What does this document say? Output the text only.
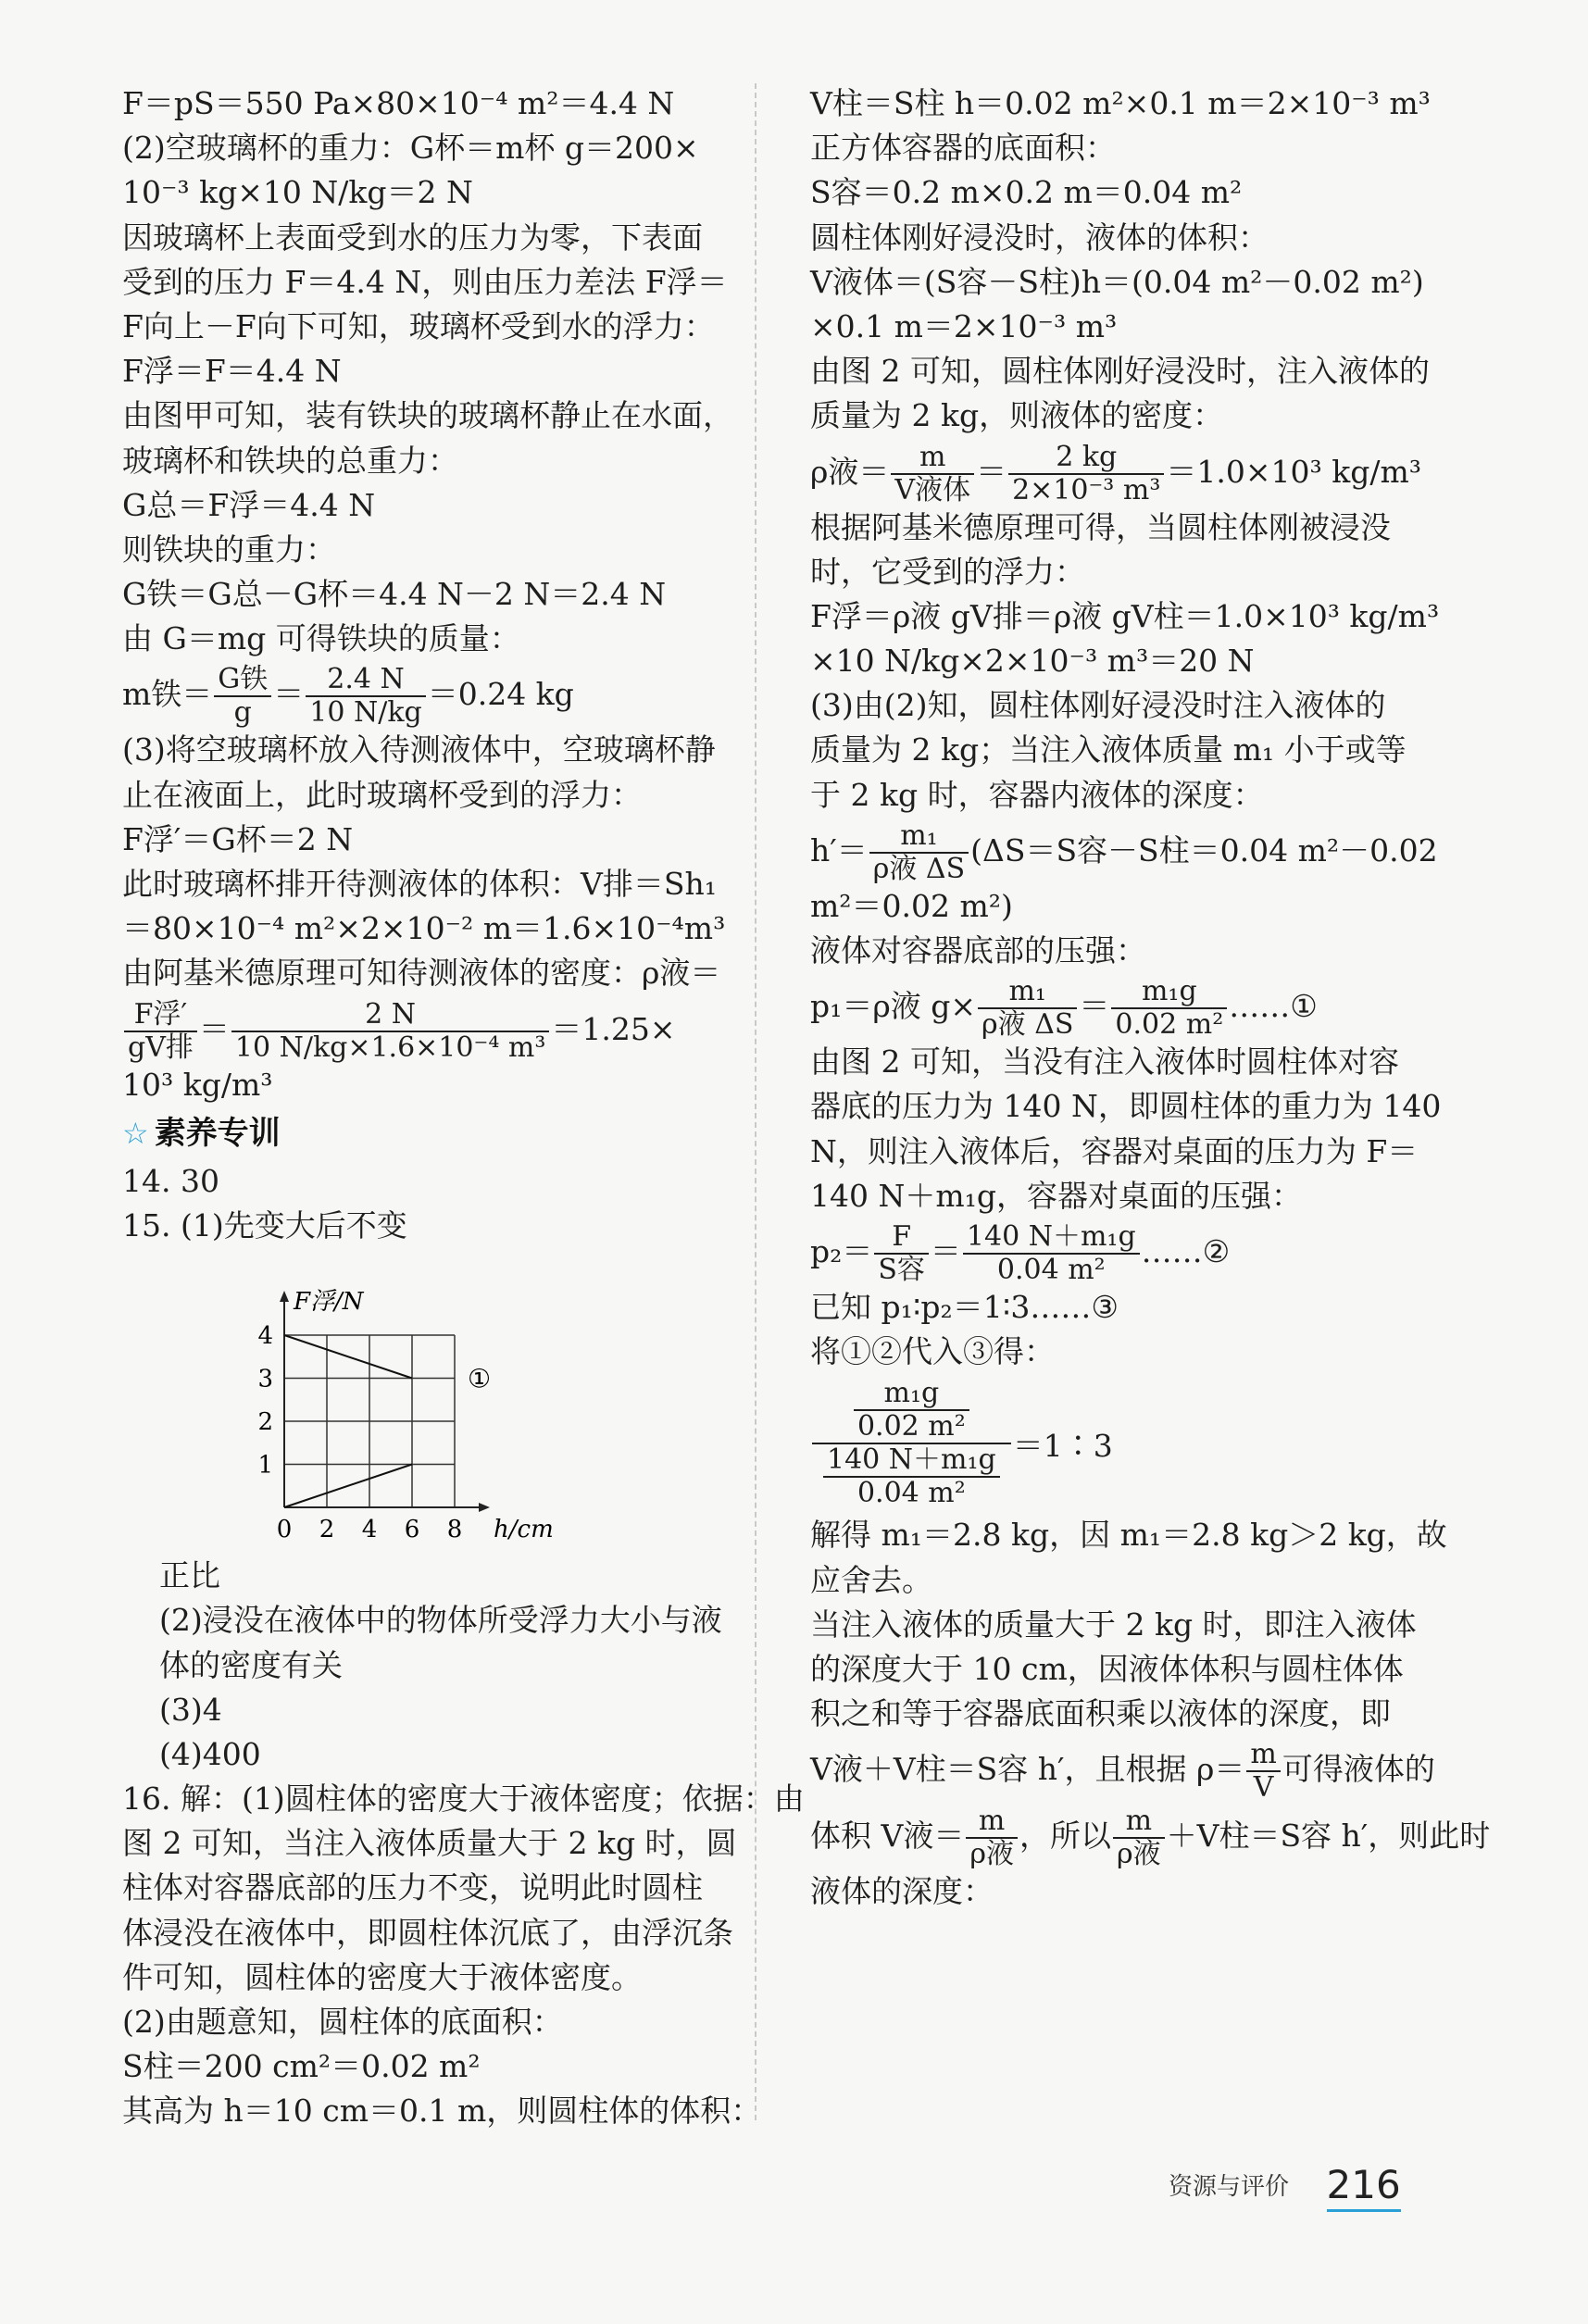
F＝pS＝550 Pa×80×10⁻⁴ m²＝4.4 N
(2)空玻璃杯的重力：G杯＝m杯 g＝200×
10⁻³ kg×10 N/kg＝2 N
因玻璃杯上表面受到水的压力为零，下表面
受到的压力 F＝4.4 N，则由压力差法 F浮＝
F向上－F向下可知，玻璃杯受到水的浮力：
F浮＝F＝4.4 N
由图甲可知，装有铁块的玻璃杯静止在水面，
玻璃杯和铁块的总重力：
G总＝F浮＝4.4 N
则铁块的重力：
G铁＝G总－G杯＝4.4 N－2 N＝2.4 N
由 G＝mg 可得铁块的质量：
m铁＝ $\frac{\text{G铁}}{g} = \frac{2.4 N}{10 N/kg} =0.24$ kg
(3)将空玻璃杯放入待测液体中，空玻璃杯静
止在液面上，此时玻璃杯受到的浮力：
F浮′＝G杯＝2 N
此时玻璃杯排开待测液体的体积：V排＝Sh₁
＝80×10⁻⁴ m²×2×10⁻² m＝1.6×10⁻⁴m³
由阿基米德原理可知待测液体的密度：ρ液＝
$\frac{\text{F浮′}}{\text{gV排}} = \frac{2 N}{\text{10 N/kg×1.6×10⁻⁴ m³}} =1.25\times$
10³ kg/m³
☆ 素养专训
14. 30
15. (1)先变大后不变
0 2 4 6 8
1
2
3
4
F浮/N
h/cm
①
正比
(2)浸没在液体中的物体所受浮力大小与液
体的密度有关
(3)4
(4)400
16. 解：(1)圆柱体的密度大于液体密度；依据：由
图 2 可知，当注入液体质量大于 2 kg 时，圆
柱体对容器底部的压力不变，说明此时圆柱
体浸没在液体中，即圆柱体沉底了，由浮沉条
件可知，圆柱体的密度大于液体密度。
(2)由题意知，圆柱体的底面积：
S柱＝200 cm²＝0.02 m²
其高为 h＝10 cm＝0.1 m，则圆柱体的体积：
V柱＝S柱 h＝0.02 m²×0.1 m＝2×10⁻³ m³
正方体容器的底面积：
S容＝0.2 m×0.2 m＝0.04 m²
圆柱体刚好浸没时，液体的体积：
V液体＝(S容－S柱)h＝(0.04 m²－0.02 m²)
×0.1 m＝2×10⁻³ m³
由图 2 可知，圆柱体刚好浸没时，注入液体的
质量为 2 kg，则液体的密度：
ρ液＝ $\frac{m}{\text{V液体}} = \frac{2 kg}{\text{2×10⁻³ m³}} =1.0\times 10^3$ kg/m³
根据阿基米德原理可得，当圆柱体刚被浸没
时，它受到的浮力：
F浮＝ρ液 gV排＝ρ液 gV柱＝1.0×10³ kg/m³
×10 N/kg×2×10⁻³ m³＝20 N
(3)由(2)知，圆柱体刚好浸没时注入液体的
质量为 2 kg；当注入液体质量 m₁ 小于或等
于 2 kg 时，容器内液体的深度：
$h'= \frac{\text{m₁}}{\text{ρ液 ΔS}} (\Delta S=S$容－S柱＝0.04 m²－0.02
m²＝0.02 m²)
液体对容器底部的压强：
p₁＝ρ液 $g\times \frac{\text{m₁}}{\text{ρ液 ΔS}} = \frac{\text{m₁g}}{\text{0.02 m²}}$ ……①
由图 2 可知，当没有注入液体时圆柱体对容
器底的压力为 140 N，即圆柱体的重力为 140
N，则注入液体后，容器对桌面的压力为 F＝
140 N＋m₁g，容器对桌面的压强：
$p_2= \frac{F}{\text{S容}} = \frac{\text{140 N＋m₁g}}{\text{0.04 m²}}$ ……②
已知 p₁∶p₂＝1∶3……③
将①②代入③得：
$\frac{\frac{\text{m₁g}}{\text{0.02 m²}}}{\frac{\text{140 N＋m₁g}}{\text{0.04 m²}}}$ ＝1∶3
解得 m₁＝2.8 kg，因 m₁＝2.8 kg＞2 kg，故
应舍去。
当注入液体的质量大于 2 kg 时，即注入液体
的深度大于 10 cm，因液体体积与圆柱体体
积之和等于容器底面积乘以液体的深度，即
V液＋V柱＝S容 h′，且根据 $\rho= \frac{m}{V}$ 可得液体的
体积 V液＝ $\frac{m}{\text{ρ液}}$ ，所以 $\frac{m}{\text{ρ液}} +V$柱＝S容 h′，则此时
液体的深度：
资源与评价 216
